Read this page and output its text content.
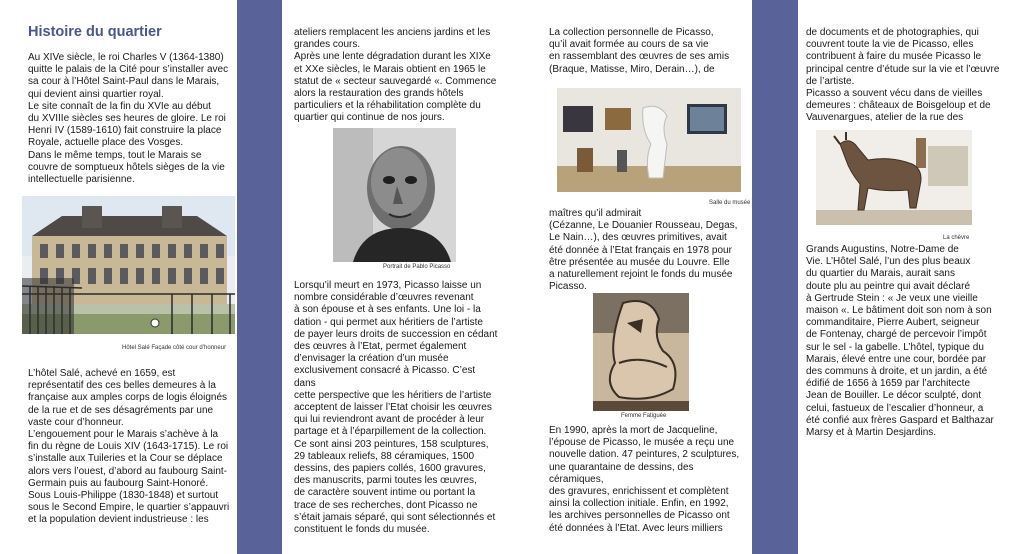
Histoire du quartier

Au XIVe siècle, le roi Charles V (1364-1380)

quitte le palais de la Cité pour s’installer avec

sa cour à l’Hôtel Saint-Paul dans le Marais,

qui devient ainsi quartier royal.

Le site connaît de la fin du XVIe au début

du XVIIIe siècles ses heures de gloire. Le roi

Henri IV (1589-1610) fait construire la place

Royale, actuelle place des Vosges.

Dans le même temps, tout le Marais se

couvre de somptueux hôtels sièges de la vie

intellectuelle parisienne.

Hôtel Salé Façade côté cour d’honneur

L’hôtel Salé, achevé en 1659, est

représentatif des ces belles demeures à la

française aux amples corps de logis éloignés

de la rue et de ses désagréments par une

vaste cour d’honneur.

L’engouement pour le Marais s’achève à la

fin du règne de Louis XIV (1643-1715). Le roi

s’installe aux Tuileries et la Cour se déplace

alors vers l’ouest, d’abord au faubourg Saint-

Germain puis au faubourg Saint-Honoré.

Sous Louis-Philippe (1830-1848) et surtout

sous le Second Empire, le quartier s’appauvri

et la population devient industrieuse : les

ateliers remplacent les anciens jardins et les

grandes cours.

Après une lente dégradation durant les XIXe

et XXe siècles, le Marais obtient en 1965 le

statut de « secteur sauvegardé «. Commence

alors la restauration des grands hôtels

particuliers et la réhabilitation complète du

quartier qui continue de nos jours.

Portrait de Pablo Picasso

Lorsqu’il meurt en 1973, Picasso laisse un

nombre considérable d’œuvres revenant

à son épouse et à ses enfants. Une loi - la

dation - qui permet aux héritiers de l’artiste

de payer leurs droits de succession en cédant

des œuvres à l’Etat, permet également

d’envisager la création d’un musée

exclusivement consacré à Picasso. C’est dans

cette perspective que les héritiers de l’artiste

acceptent de laisser l’Etat choisir les œuvres

qui lui reviendront avant de procéder à leur

partage et à l’éparpillement de la collection.

Ce sont ainsi 203 peintures, 158 sculptures,

29 tableaux reliefs, 88 céramiques, 1500

dessins, des papiers collés, 1600 gravures,

des manuscrits, parmi toutes les œuvres,

de caractère souvent intime ou portant la

trace de ses recherches, dont Picasso ne

s’était jamais séparé, qui sont sélectionnés et

constituent le fonds du musée.

La collection personnelle de Picasso,

qu’il avait formée au cours de sa vie

en rassemblant des œuvres de ses amis

(Braque, Matisse, Miro, Derain…), de

Salle du musée

maîtres qu’il admirait

(Cézanne, Le Douanier Rousseau, Degas,

Le Nain…), des œuvres primitives, avait

été donnée à l’Etat français en 1978 pour

être présentée au musée du Louvre. Elle

a naturellement rejoint le fonds du musée

Picasso.

Femme Fatiguée

En 1990, après la mort de Jacqueline,

l’épouse de Picasso, le musée a reçu une

nouvelle dation. 47 peintures, 2 sculptures,

une quarantaine de dessins, des céramiques,

des gravures, enrichissent et complètent

ainsi la collection initiale. Enfin, en 1992,

les archives personnelles de Picasso ont

été données à l’Etat. Avec leurs milliers

de documents et de photographies, qui

couvrent toute la vie de Picasso, elles

contribuent à faire du musée Picasso le

principal centre d’étude sur la vie et l’œuvre

de l’artiste.

Picasso a souvent vécu dans de vieilles

demeures : châteaux de Boisgeloup et de

Vauvenargues, atelier de la rue des

La chèvre

Grands Augustins, Notre-Dame de

Vie. L’Hôtel Salé, l’un des plus beaux

du quartier du Marais, aurait sans

doute plu au peintre qui avait déclaré

à Gertrude Stein : « Je veux une vieille

maison «. Le bâtiment doit son nom à son

commanditaire, Pierre Aubert, seigneur

de Fontenay, chargé de percevoir l’impôt

sur le sel - la gabelle. L’hôtel, typique du

Marais, élevé entre une cour, bordée par

des communs à droite, et un jardin, a été

édifié de 1656 à 1659 par l’architecte

Jean de Bouiller. Le décor sculpté, dont

celui, fastueux de l’escalier d’honneur, a

été confié aux frères Gaspard et Balthazar

Marsy et à Martin Desjardins.
